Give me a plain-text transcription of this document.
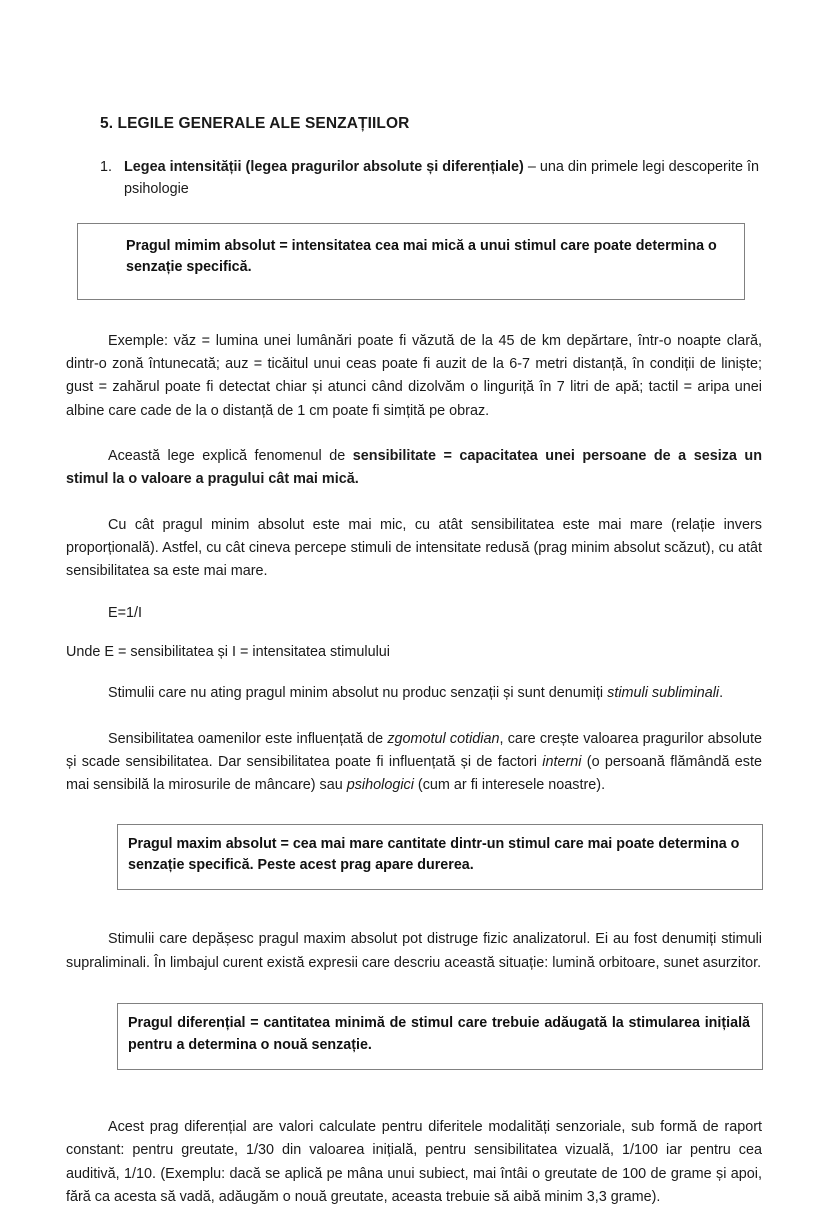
5. LEGILE GENERALE ALE SENZAȚIILOR
1. Legea intensității (legea pragurilor absolute și diferențiale) – una din primele legi descoperite în psihologie
Pragul mimim absolut = intensitatea cea mai mică a unui stimul care poate determina o senzație specifică.

Exemple: văz = lumina unei lumânări poate fi văzută de la 45 de km depărtare, într-o noapte clară, dintr-o zonă întunecată; auz = ticăitul unui ceas poate fi auzit de la 6-7 metri distanță, în condiții de liniște; gust = zahărul poate fi detectat chiar și atunci când dizolvăm o linguriță în 7 litri de apă; tactil = aripa unei albine care cade de la o distanță de 1 cm poate fi simțită pe obraz.

Această lege explică fenomenul de sensibilitate = capacitatea unei persoane de a sesiza un stimul la o valoare a pragului cât mai mică.

Cu cât pragul minim absolut este mai mic, cu atât sensibilitatea este mai mare (relație invers proporțională). Astfel, cu cât cineva percepe stimuli de intensitate redusă (prag minim absolut scăzut), cu atât sensibilitatea sa este mai mare.

E=1/I

Unde E = sensibilitatea și I = intensitatea stimulului

Stimulii care nu ating pragul minim absolut nu produc senzații și sunt denumiți stimuli subliminali.

Sensibilitatea oamenilor este influențată de zgomotul cotidian, care crește valoarea pragurilor absolute și scade sensibilitatea. Dar sensibilitatea poate fi influențată și de factori interni (o persoană flămândă este mai sensibilă la mirosurile de mâncare) sau psihologici (cum ar fi interesele noastre).

Pragul maxim absolut = cea mai mare cantitate dintr-un stimul care mai poate determina o senzație specifică. Peste acest prag apare durerea.

Stimulii care depășesc pragul maxim absolut pot distruge fizic analizatorul. Ei au fost denumiți stimuli supraliminali. În limbajul curent există expresii care descriu această situație: lumină orbitoare, sunet asurzitor.

Pragul diferențial = cantitatea minimă de stimul care trebuie adăugată la stimularea inițială pentru a determina o nouă senzație.

Acest prag diferențial are valori calculate pentru diferitele modalități senzoriale, sub formă de raport constant: pentru greutate, 1/30 din valoarea inițială, pentru sensibilitatea vizuală, 1/100 iar pentru cea auditivă, 1/10. (Exemplu: dacă se aplică pe mâna unui subiect, mai întâi o greutate de 100 de grame și apoi, fără ca acesta să vadă, adăugăm o nouă greutate, aceasta trebuie să aibă minim 3,3 grame).
